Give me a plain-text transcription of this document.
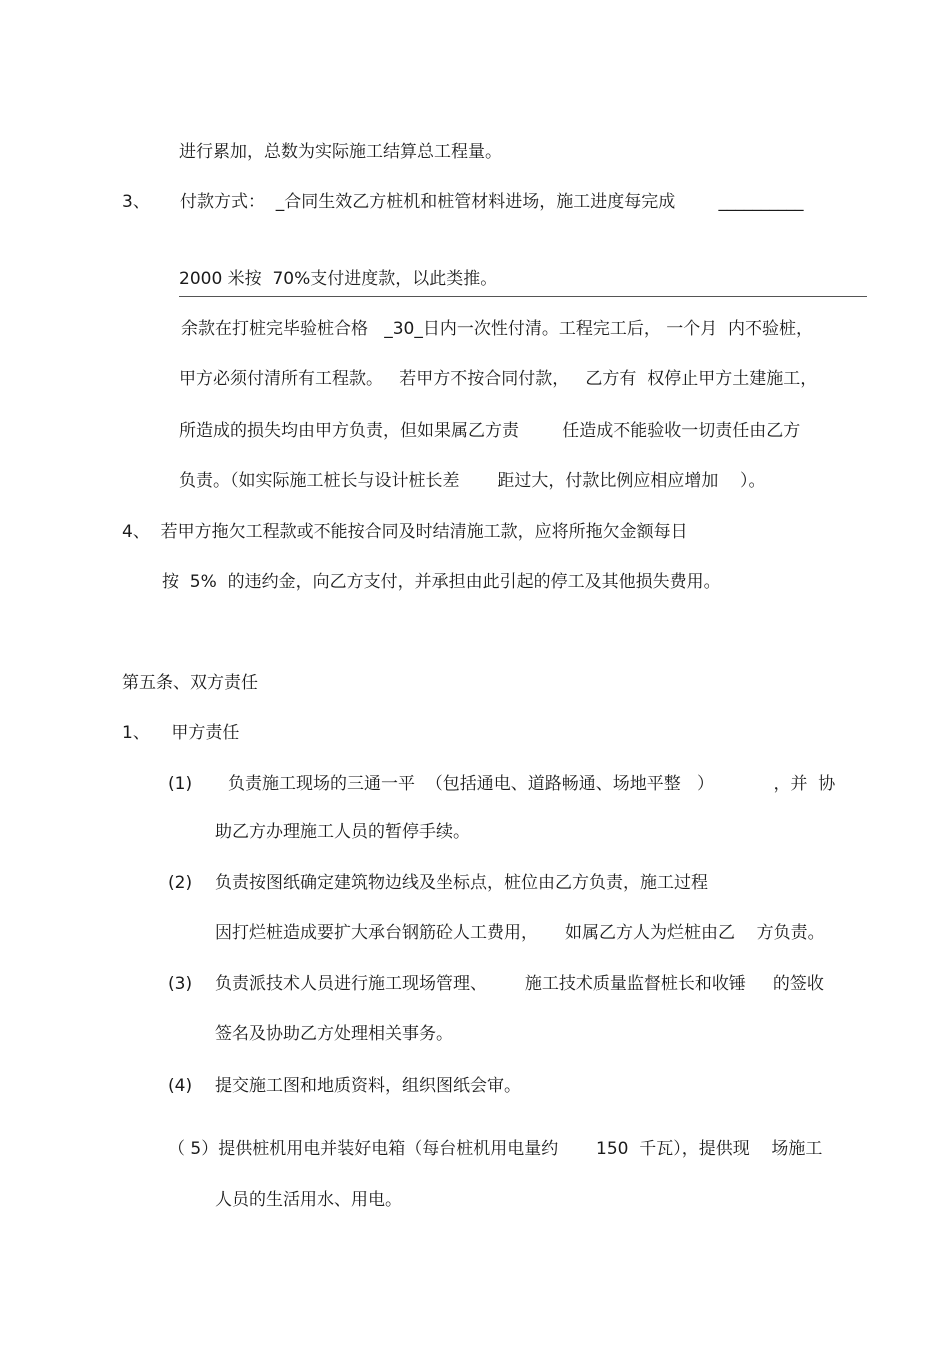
进行累加，总数为实际施工结算总工程量。
3、 付款方式：  _合同生效乙方桩机和桩管材料进场，施工进度每完成        __________
2000 米按  70%支付进度款，以此类推。
余款在打桩完毕验桩合格   _30_日内一次性付清。工程完工后， 一个月  内不验桩，
甲方必须付清所有工程款。   若甲方不按合同付款，   乙方有  权停止甲方土建施工，
所造成的损失均由甲方负责，但如果属乙方责        任造成不能验收一切责任由乙方
负责。（如实际施工桩长与设计桩长差       距过大，付款比例应相应增加    ）。
4、  若甲方拖欠工程款或不能按合同及时结清施工款，应将所拖欠金额每日
按  5%  的违约金，向乙方支付，并承担由此引起的停工及其他损失费用。
第五条、双方责任
1、    甲方责任
(1) 负责施工现场的三通一平  （包括通电、道路畅通、场地平整   ）           ，并  协
助乙方办理施工人员的暂停手续。
(2) 负责按图纸确定建筑物边线及坐标点，桩位由乙方负责，施工过程
因打烂桩造成要扩大承台钢筋砼人工费用，     如属乙方人为烂桩由乙    方负责。
(3) 负责派技术人员进行施工现场管理、       施工技术质量监督桩长和收锤     的签收
签名及协助乙方处理相关事务。
(4) 提交施工图和地质资料，组织图纸会审。
（ 5）提供桩机用电并装好电箱（每台桩机用电量约       150  千瓦），提供现    场施工
人员的生活用水、用电。
